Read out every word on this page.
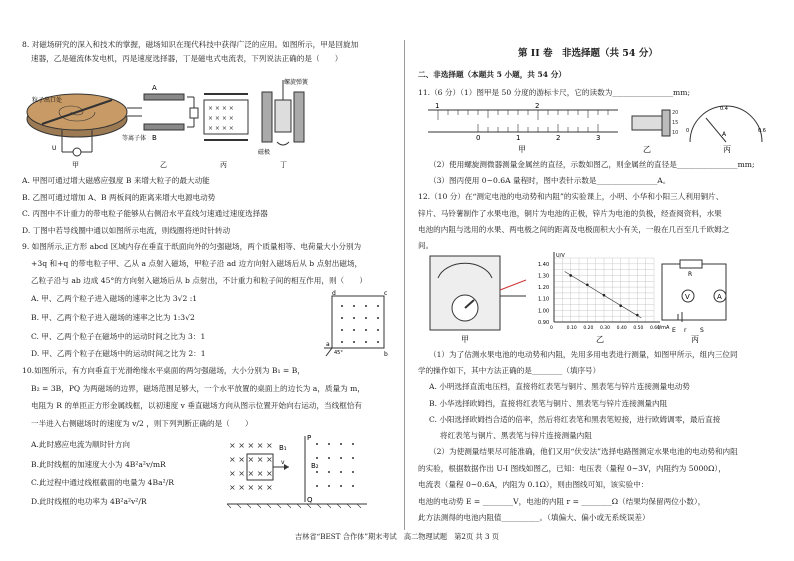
8. 对磁场研究的深入和技术的掌握，磁场知识在现代科技中获得广泛的应用。如图所示，甲是回旋加
速器，乙是磁流体发电机，丙是速度选择器，丁是磁电式电流表，下列说法正确的是（　　）
粒子出口处
U
甲
A
B
等离子体
乙
× × × ×
× × × ×
× × × ×
丙
磁极
螺旋弹簧
丁
A. 甲图可通过增大磁感应强度 B 来增大粒子的最大动能
B. 乙图可通过增加 A、B 两板间的距离来增大电源电动势
C. 丙图中不计重力的带电粒子能够从右侧沿水平直线匀速通过速度选择器
D. 丁图中若导线圈中通以如图所示电流，则线圈将逆时针转动
9. 如图所示,正方形 abcd 区域内存在垂直于纸面向外的匀强磁场，两个质量相等、电荷量大小分别为
+3q 和+q 的带电粒子甲、乙从 a 点射入磁场，甲粒子沿 ad 边方向射入磁场后从 b 点射出磁场，
乙粒子沿与 ab 边成 45°的方向射入磁场后从 b 点射出，不计重力和粒子间的相互作用，则（　　）
A. 甲、乙两个粒子进入磁场的速率之比为 3√2 :1
B. 甲、乙两个粒子进入磁场的速率之比为 1:3√2
C. 甲、乙两个粒子在磁场中的运动时间之比为 3：1
D. 甲、乙两个粒子在磁场中的运动时间之比为 2：1
d	c
a
b
45°
10.如图所示，有方向垂直于光滑绝缘水平桌面的两匀强磁场，大小分别为 B₁ = B，
B₂ = 3B，PQ 为两磁场的边界，磁场范围足够大，一个水平放置的桌面上的边长为 a，质量为 m，
电阻为 R 的单匝正方形金属线框，以初速度 v 垂直磁场方向从图示位置开始向右运动，当线框恰有
一半进入右侧磁场时的速度为 v/2 ，则下列判断正确的是（　　）
A.此时感应电流为顺时针方向
B.此时线框的加速度大小为 4B²a²v/mR
C.此过程中通过线框截面的电量为 4Ba²/R
D.此时线框的电功率为 4B²a²v²/R
× × × × ×
× × × × ×
× × × × ×
× × × × ×
B₁
B₂
P
Q
v
第 II 卷　非选择题（共 54 分）
二、非选择题（本题共 5 小题，共 54 分）
11.（6 分）（1）图甲是 50 分度的游标卡尺，它的读数为________________mm;
1	2
0	1	2	3
甲
20
15
10
乙
0
0.4
0.6
A
丙
（2）使用螺旋测微器测量金属丝的直径，示数如图乙，则金属丝的直径是________________mm;
（3）图丙使用 0~0.6A 量程时，图中表针示数是________________A。
12.（10 分）在“测定电池的电动势和内阻”的实验课上，小明、小华和小阳三人利用铜片、
锌片、马铃薯制作了水果电池，铜片为电池的正极，锌片为电池的负极，经查阅资料，水果
电池的内阻与选用的水果、两电极之间的距离及电极面积大小有关，一般在几百至几千欧姆之
间。
甲
1.40
1.30
1.20
1.10
1.00
0.90
0	0.10 0.20 0.30 0.40 0.50 0.60
U/V
I/mA
乙
R
V	A
E r S
丙
（1）为了估测水果电池的电动势和内阻，先用多用电表进行测量，如图甲所示，组内三位同
学的操作如下，其中方法正确的是________（填序号）
A. 小明选择直流电压档，直接将红表笔与铜片、黑表笔与锌片连接测量电动势
B. 小华选择欧姆挡，直接将红表笔与铜片、黑表笔与锌片连接测量内阻
C. 小阳选择欧姆挡合适的倍率，然后将红表笔和黑表笔短接，进行欧姆调零，最后直接
将红表笔与铜片、黑表笔与锌片连接测量内阻
（2）为使测量结果尽可能准确，他们又用“伏安法”选择电路图测定水果电池的电动势和内阻
的实验，根据数据作出 U-I 图线如图乙，已知：电压表（量程 0~3V，内阻约为 5000Ω），
电流表（量程 0~0.6A，内阻为 0.1Ω），则由图线可知，该实验中：
电池的电动势 E = ________V，电池的内阻 r = ________Ω（结果均保留两位小数），
此方法测得的电池内阻值__________。（填偏大、偏小或无系统误差）
吉林省“BEST 合作体”期末考试　高二物理试题　第2页 共 3 页
